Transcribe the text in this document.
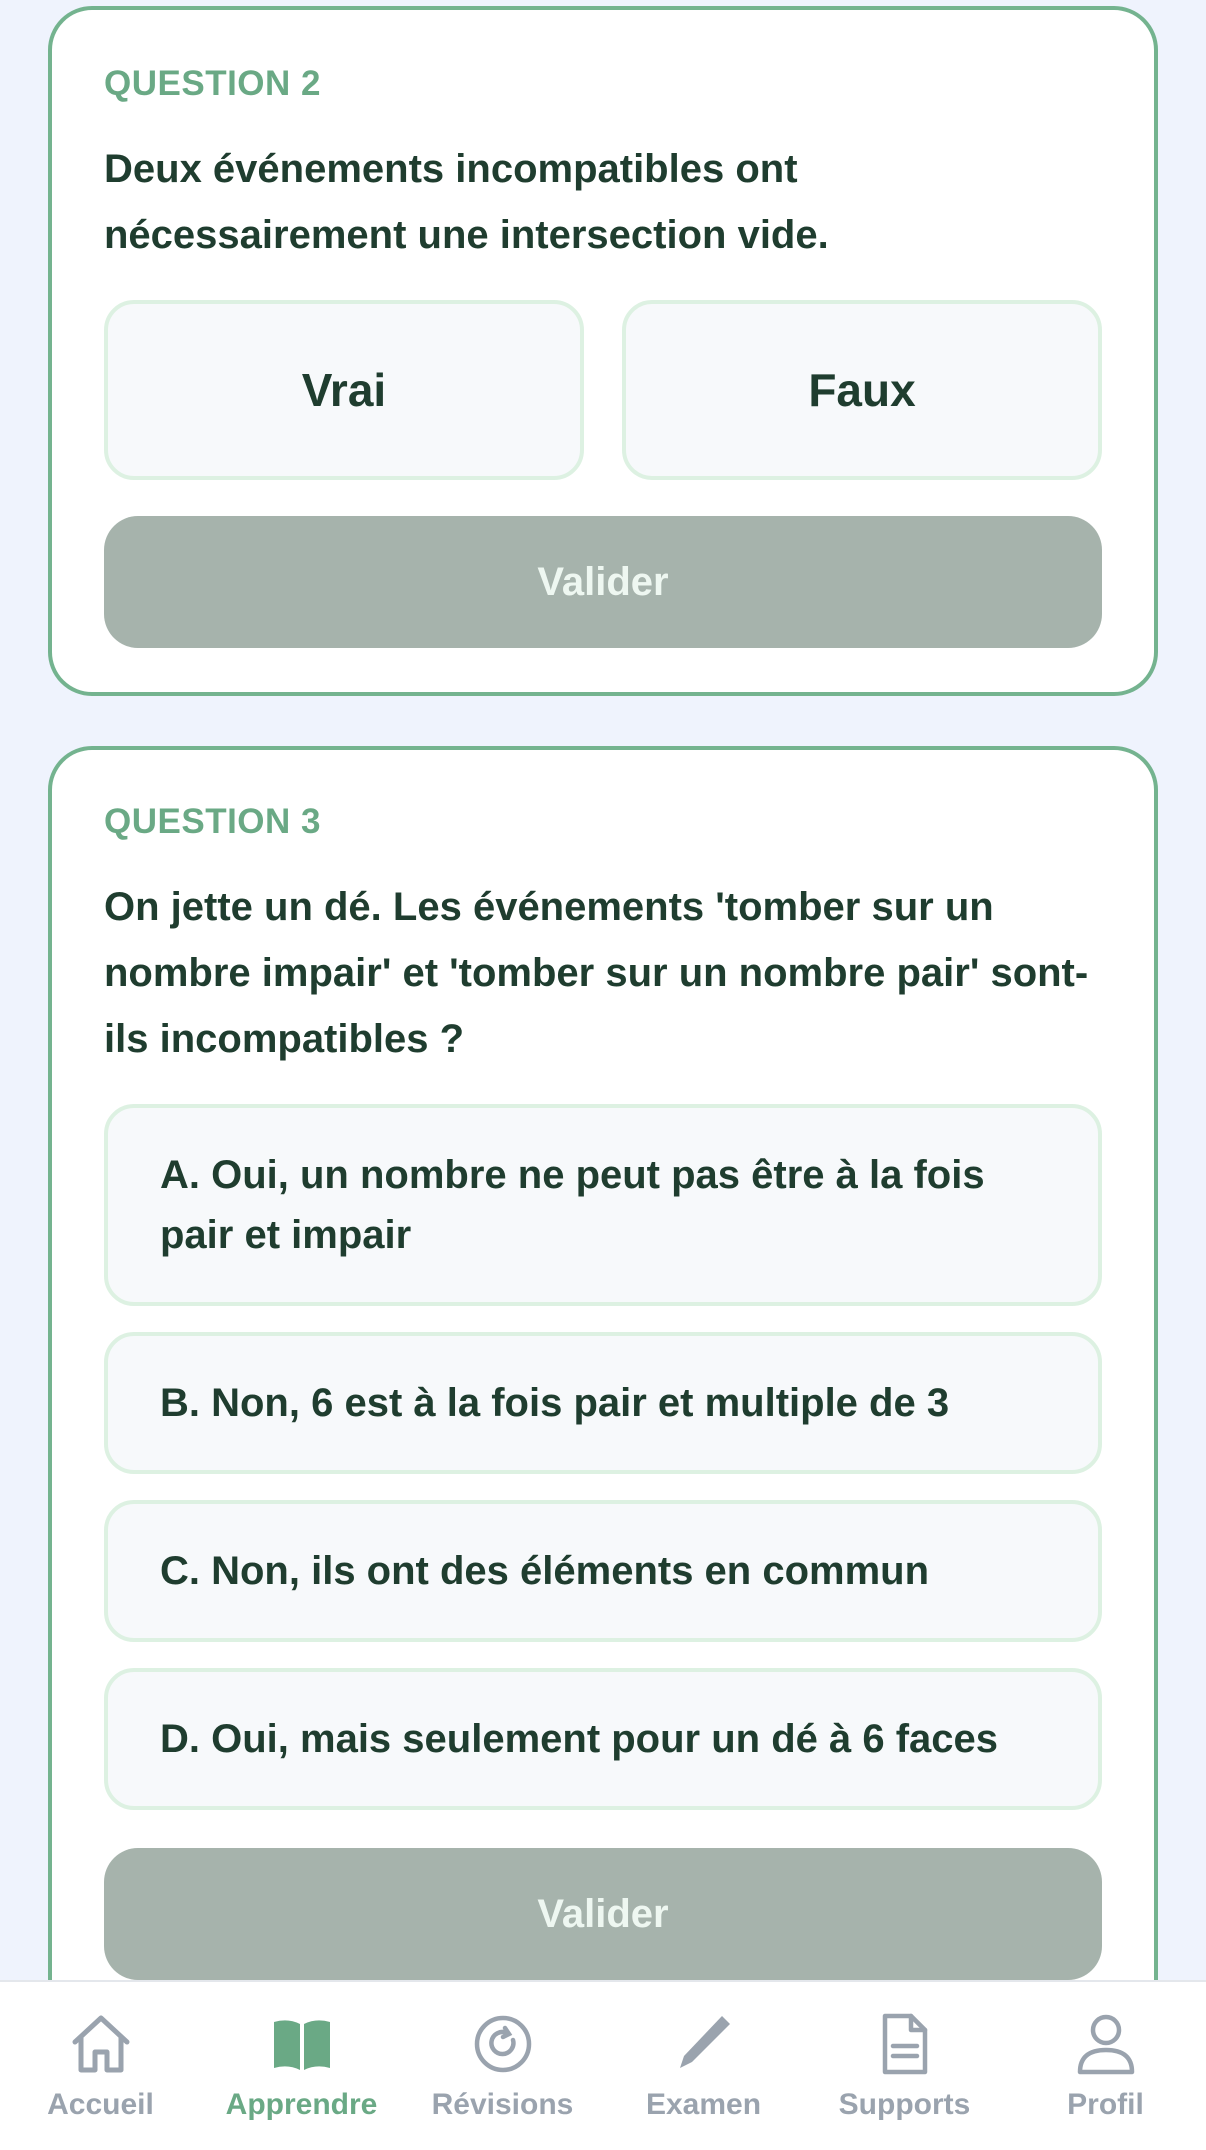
QUESTION 2
Deux événements incompatibles ont nécessairement une intersection vide.
Vrai	Faux
Valider
QUESTION 3
On jette un dé. Les événements 'tomber sur un nombre impair' et 'tomber sur un nombre pair' sont-ils incompatibles ?
A. Oui, un nombre ne peut pas être à la fois pair et impair
B. Non, 6 est à la fois pair et multiple de 3
C. Non, ils ont des éléments en commun
D. Oui, mais seulement pour un dé à 6 faces
Valider
Accueil Apprendre Révisions Examen	Supports	Profil
